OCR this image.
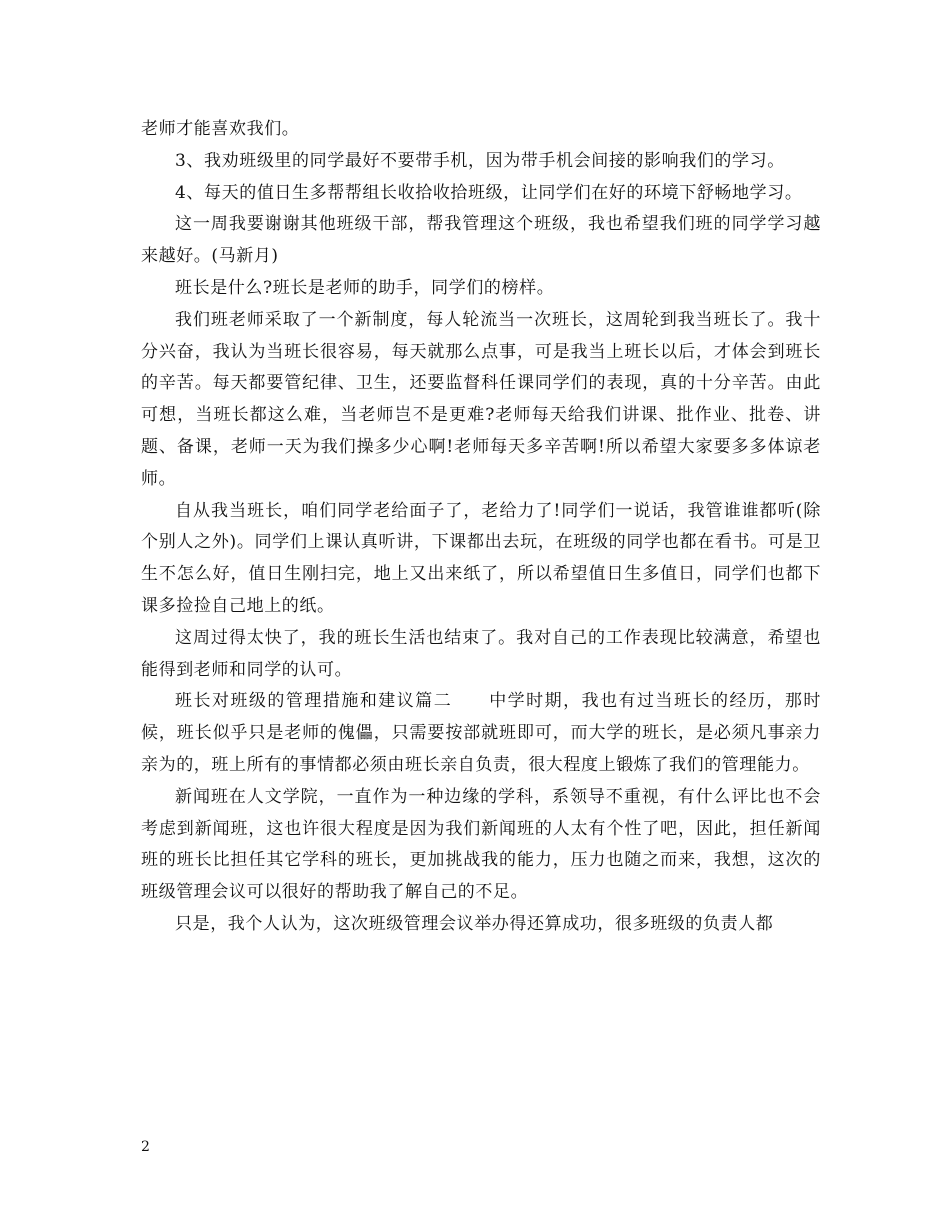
老师才能喜欢我们。

3、我劝班级里的同学最好不要带手机，因为带手机会间接的影响我们的学习。

4、每天的值日生多帮帮组长收拾收拾班级，让同学们在好的环境下舒畅地学习。

这一周我要谢谢其他班级干部，帮我管理这个班级，我也希望我们班的同学学习越来越好。(马新月)

班长是什么?班长是老师的助手，同学们的榜样。

我们班老师采取了一个新制度，每人轮流当一次班长，这周轮到我当班长了。我十分兴奋，我认为当班长很容易，每天就那么点事，可是我当上班长以后，才体会到班长的辛苦。每天都要管纪律、卫生，还要监督科任课同学们的表现，真的十分辛苦。由此可想，当班长都这么难，当老师岂不是更难?老师每天给我们讲课、批作业、批卷、讲题、备课，老师一天为我们操多少心啊!老师每天多辛苦啊!所以希望大家要多多体谅老师。

自从我当班长，咱们同学老给面子了，老给力了!同学们一说话，我管谁谁都听(除个别人之外)。同学们上课认真听讲，下课都出去玩，在班级的同学也都在看书。可是卫生不怎么好，值日生刚扫完，地上又出来纸了，所以希望值日生多值日，同学们也都下课多捡捡自己地上的纸。

这周过得太快了，我的班长生活也结束了。我对自己的工作表现比较满意，希望也能得到老师和同学的认可。

班长对班级的管理措施和建议篇二　　中学时期，我也有过当班长的经历，那时候，班长似乎只是老师的傀儡，只需要按部就班即可，而大学的班长，是必须凡事亲力亲为的，班上所有的事情都必须由班长亲自负责，很大程度上锻炼了我们的管理能力。

新闻班在人文学院，一直作为一种边缘的学科，系领导不重视，有什么评比也不会考虑到新闻班，这也许很大程度是因为我们新闻班的人太有个性了吧，因此，担任新闻班的班长比担任其它学科的班长，更加挑战我的能力，压力也随之而来，我想，这次的班级管理会议可以很好的帮助我了解自己的不足。

只是，我个人认为，这次班级管理会议举办得还算成功，很多班级的负责人都

2
